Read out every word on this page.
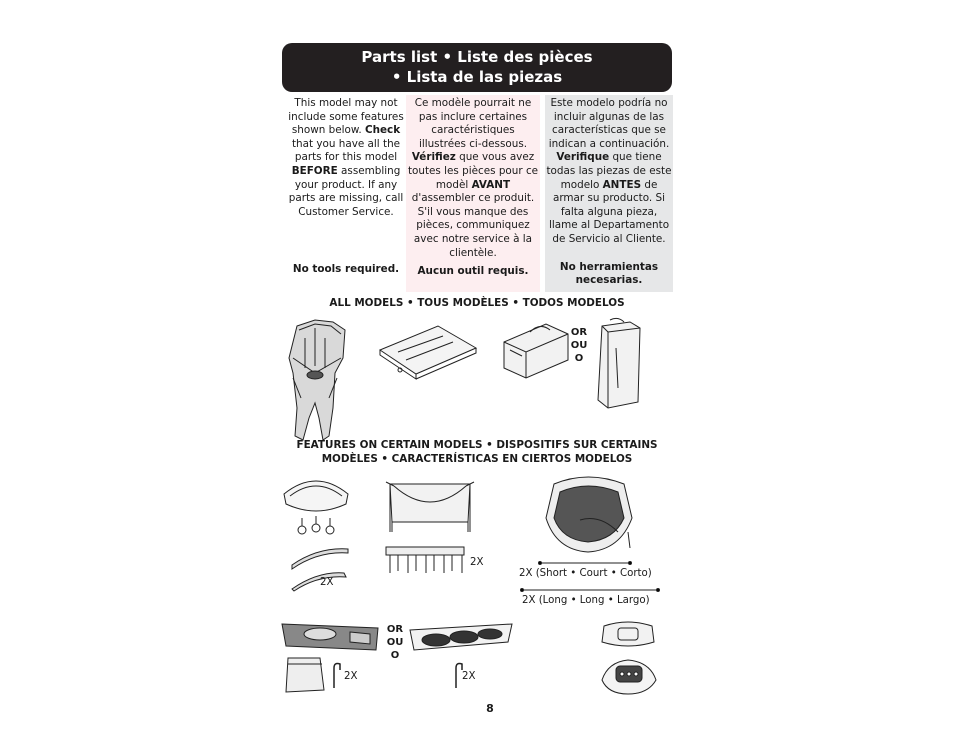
Parts list • Liste des pièces
• Lista de las piezas
This model may not include some features shown below. Check that you have all the parts for this model BEFORE assembling your product. If any parts are missing, call Customer Service.
No tools required.
Ce modèle pourrait ne pas inclure certaines caractéristiques illustrées ci-dessous. Vérifiez que vous avez toutes les pièces pour ce modèl AVANT d'assembler ce produit. S'il vous manque des pièces, communiquez avec notre service à la clientèle.
Aucun outil requis.
Este modelo podría no incluir algunas de las características que se indican a continuación. Verifique que tiene todas las piezas de este modelo ANTES de armar su producto. Si falta alguna pieza, llame al Departamento de Servicio al Cliente.
No herramientas necesarias.
ALL MODELS • TOUS MODÈLES • TODOS MODELOS
OR
OU
O
FEATURES ON CERTAIN MODELS • DISPOSITIFS SUR CERTAINS
MODÈLES • CARACTERÍSTICAS EN CIERTOS MODELOS
2X
2X
2X (Short • Court • Corto)
2X (Long • Long • Largo)
OR
OU
O
2X	2X
8
